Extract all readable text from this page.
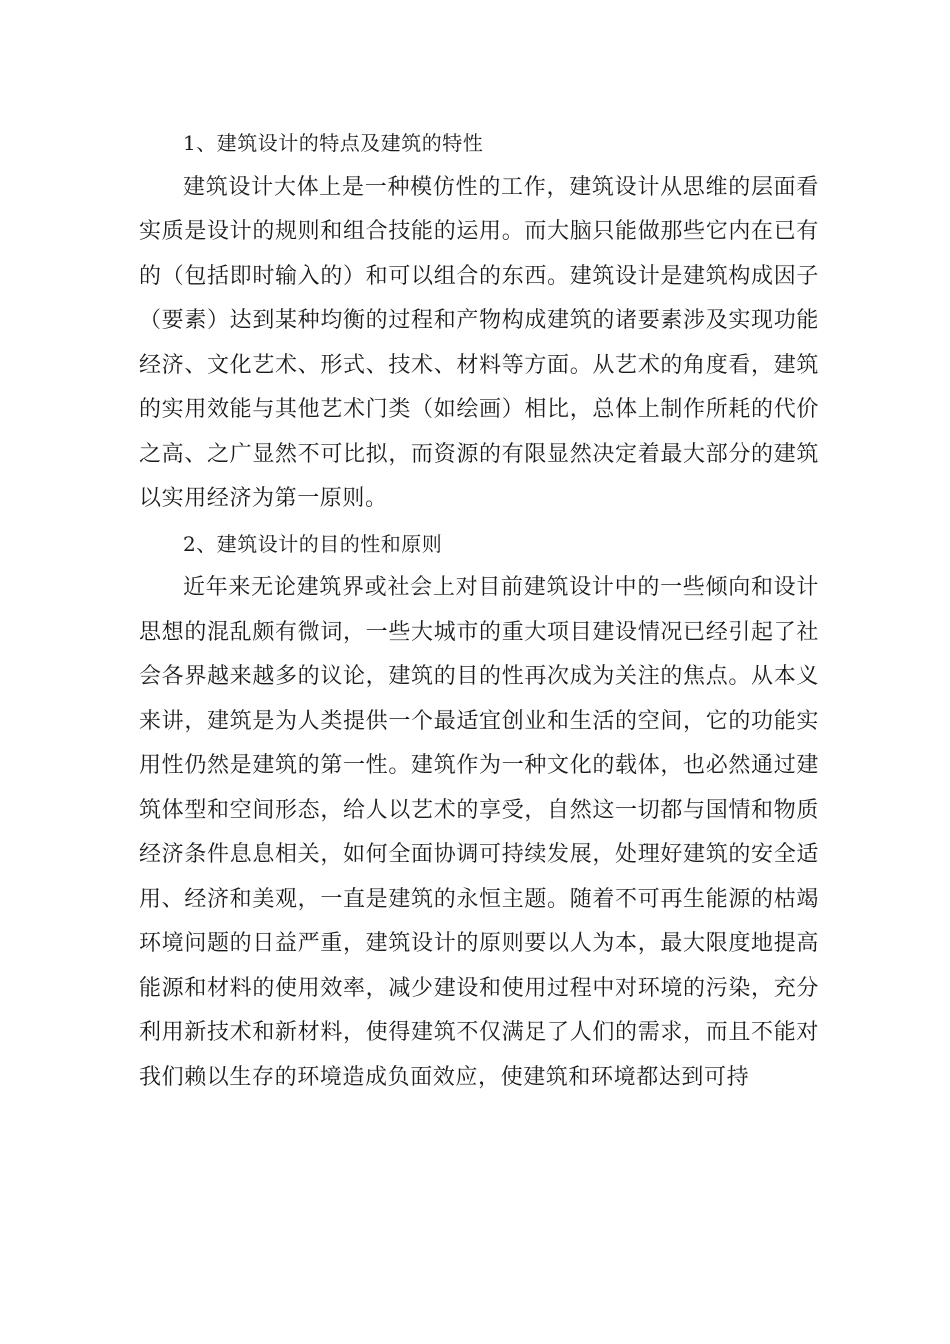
1、建筑设计的特点及建筑的特性

建筑设计大体上是一种模仿性的工作，建筑设计从思维的层面看实质是设计的规则和组合技能的运用。而大脑只能做那些它内在已有的（包括即时输入的）和可以组合的东西。建筑设计是建筑构成因子（要素）达到某种均衡的过程和产物构成建筑的诸要素涉及实现功能经济、文化艺术、形式、技术、材料等方面。从艺术的角度看，建筑的实用效能与其他艺术门类（如绘画）相比，总体上制作所耗的代价之高、之广显然不可比拟，而资源的有限显然决定着最大部分的建筑以实用经济为第一原则。

2、建筑设计的目的性和原则

近年来无论建筑界或社会上对目前建筑设计中的一些倾向和设计思想的混乱颇有微词，一些大城市的重大项目建设情况已经引起了社会各界越来越多的议论，建筑的目的性再次成为关注的焦点。从本义来讲，建筑是为人类提供一个最适宜创业和生活的空间，它的功能实用性仍然是建筑的第一性。建筑作为一种文化的载体，也必然通过建筑体型和空间形态，给人以艺术的享受，自然这一切都与国情和物质经济条件息息相关，如何全面协调可持续发展，处理好建筑的安全适用、经济和美观，一直是建筑的永恒主题。随着不可再生能源的枯竭环境问题的日益严重，建筑设计的原则要以人为本，最大限度地提高能源和材料的使用效率，减少建设和使用过程中对环境的污染，充分利用新技术和新材料，使得建筑不仅满足了人们的需求，而且不能对我们赖以生存的环境造成负面效应，使建筑和环境都达到可持
